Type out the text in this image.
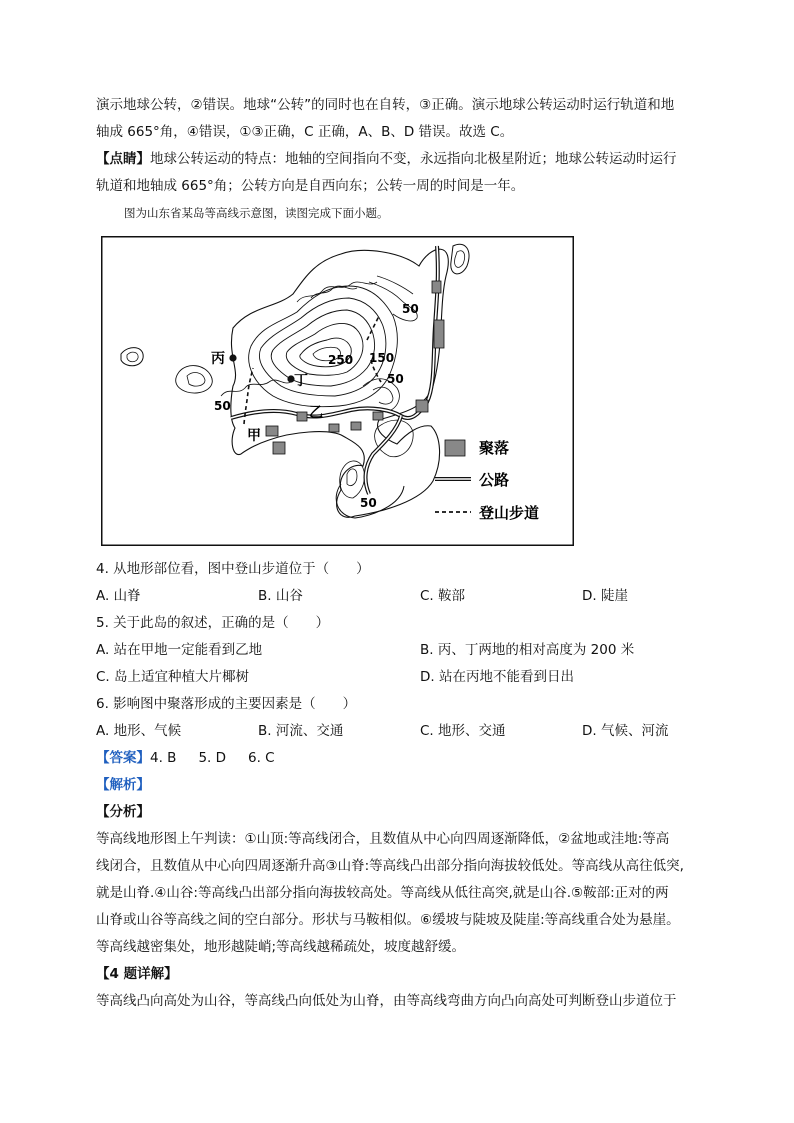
演示地球公转，②错误。地球“公转”的同时也在自转，③正确。演示地球公转运动时运行轨道和地
轴成 665°角，④错误，①③正确，C 正确，A、B、D 错误。故选 C。
【点睛】地球公转运动的特点：地轴的空间指向不变，永远指向北极星附近；地球公转运动时运行
轨道和地轴成 665°角；公转方向是自西向东；公转一周的时间是一年。
图为山东省某岛等高线示意图，读图完成下面小题。
丙
丁
乙
甲
50
150
250
50
50
50
聚落
公路
登山步道
4. 从地形部位看，图中登山步道位于（　　）
A. 山脊	B. 山谷	C. 鞍部	D. 陡崖
5. 关于此岛的叙述，正确的是（　　）
A. 站在甲地一定能看到乙地	B. 丙、丁两地的相对高度为 200 米
C. 岛上适宜种植大片椰树	D. 站在丙地不能看到日出
6. 影响图中聚落形成的主要因素是（　　）
A. 地形、气候	B. 河流、交通	C. 地形、交通	D. 气候、河流
【答案】4. B 5. D 6. C
【解析】
【分析】
等高线地形图上午判读：①山顶:等高线闭合，且数值从中心向四周逐渐降低，②盆地或洼地:等高
线闭合，且数值从中心向四周逐渐升高③山脊:等高线凸出部分指向海拔较低处。等高线从高往低突,
就是山脊.④山谷:等高线凸出部分指向海拔较高处。等高线从低往高突,就是山谷.⑤鞍部:正对的两
山脊或山谷等高线之间的空白部分。形状与马鞍相似。⑥缓坡与陡坡及陡崖:等高线重合处为悬崖。
等高线越密集处，地形越陡峭;等高线越稀疏处，坡度越舒缓。
【4 题详解】
等高线凸向高处为山谷，等高线凸向低处为山脊，由等高线弯曲方向凸向高处可判断登山步道位于
